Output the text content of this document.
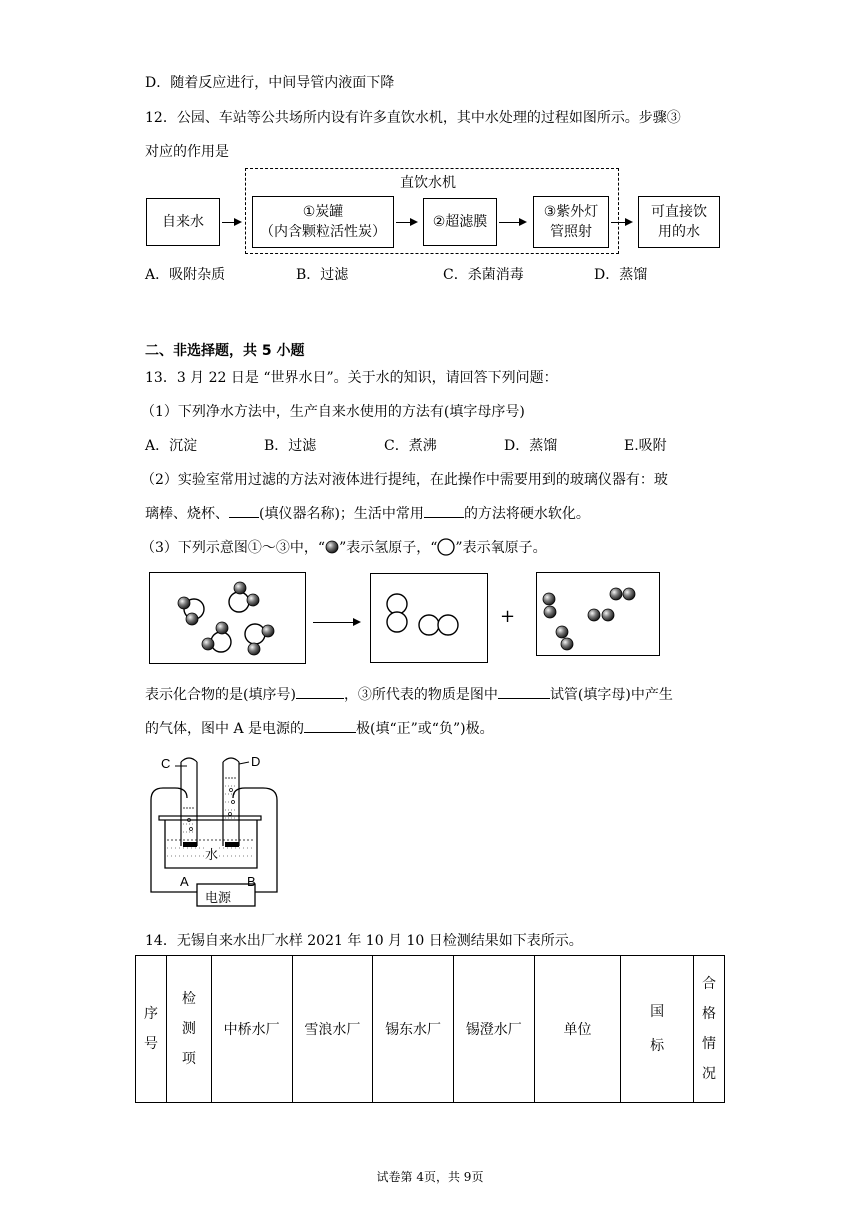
D．随着反应进行，中间导管内液面下降
12．公园、车站等公共场所内设有许多直饮水机，其中水处理的过程如图所示。步骤③
对应的作用是
直饮水机
自来水
①炭罐
（内含颗粒活性炭）
②超滤膜
③紫外灯
管照射
可直接饮
用的水
A．吸附杂质	B．过滤	C．杀菌消毒	D．蒸馏
二、非选择题，共 5 小题
13．3 月 22 日是 “世界水日”。关于水的知识，请回答下列问题：
（1）下列净水方法中，生产自来水使用的方法有(填字母序号)
A．沉淀	B．过滤	C．煮沸	D．蒸馏	E.吸附
（2）实验室常用过滤的方法对液体进行提纯，在此操作中需要用到的玻璃仪器有：玻
璃棒、烧杯、 (填仪器名称)；生活中常用	的方法将硬水软化。
（3）下列示意图①～③中，“ ”表示氢原子，“ ”表示氧原子。
+
表示化合物的是(填序号)	，③所代表的物质是图中	试管(填字母)中产生
的气体，图中 A 是电源的	极(填“正”或“负”)极。
C	D
水
A	B
电源
14．无锡自来水出厂水样 2021 年 10 月 10 日检测结果如下表所示。
序号	检测项	中桥水厂	雪浪水厂	锡东水厂	锡澄水厂	单位	国标	合格情况
试卷第 4页，共 9页
